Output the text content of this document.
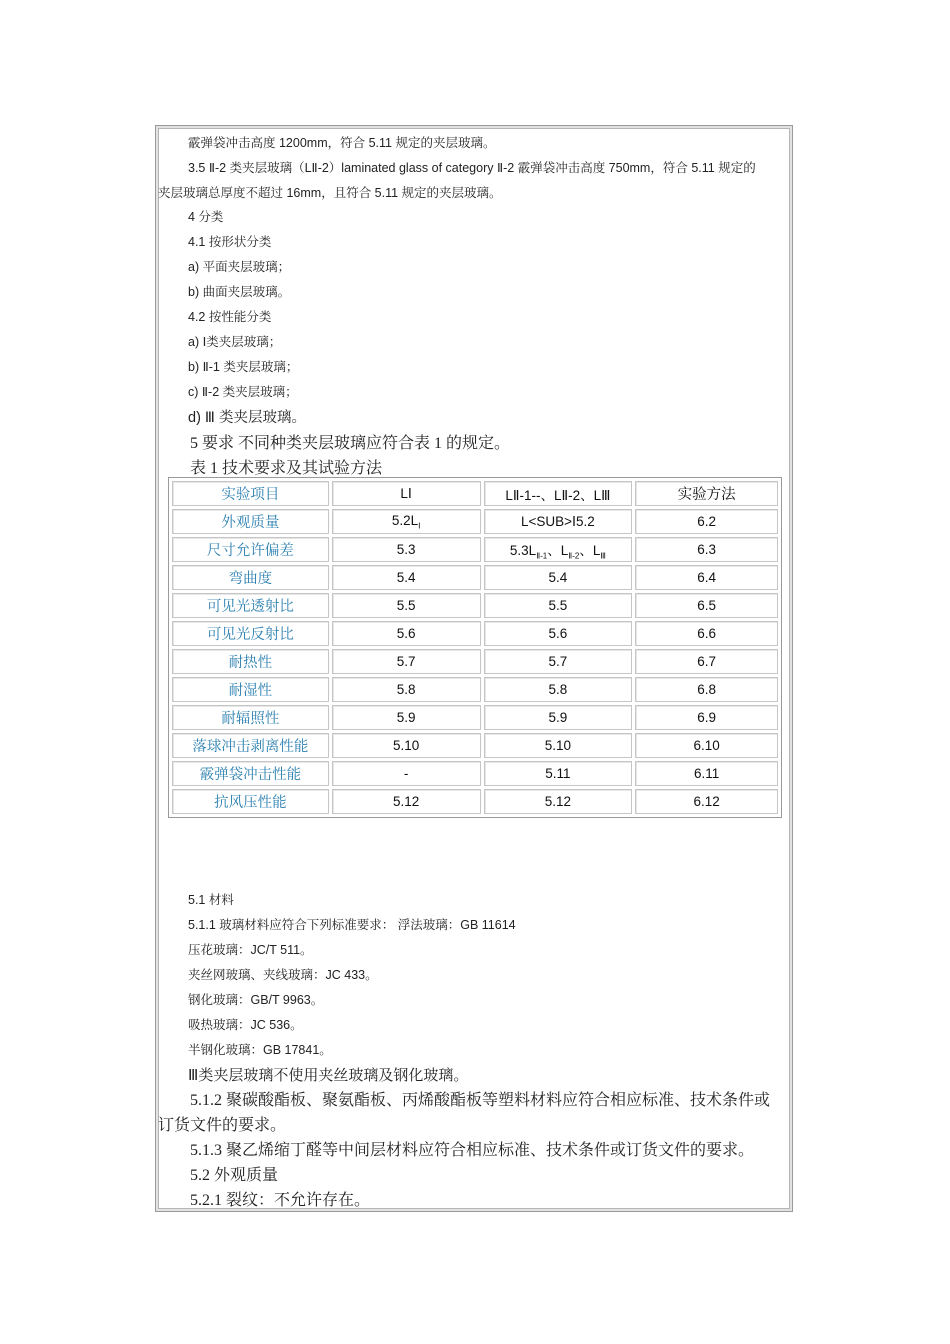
霰弹袋冲击高度 1200mm，符合 5.11 规定的夹层玻璃。
3.5 Ⅱ-2 类夹层玻璃（LⅡ-2）laminated glass of category Ⅱ-2 霰弹袋冲击高度 750mm，符合 5.11 规定的
夹层玻璃总厚度不超过 16mm，且符合 5.11 规定的夹层玻璃。
4 分类
4.1 按形状分类
a) 平面夹层玻璃；
b) 曲面夹层玻璃。
4.2 按性能分类
a) Ⅰ类夹层玻璃；
b) Ⅱ-1 类夹层玻璃；
c) Ⅱ-2 类夹层玻璃；
d) Ⅲ 类夹层玻璃。
5 要求 不同种类夹层玻璃应符合表 1 的规定。
表 1 技术要求及其试验方法
实验项目	LⅠ	LⅡ-1--、LⅡ-2、LⅢ	实验方法
外观质量	$5.2L_Ⅰ$	L<SUB>Ⅰ5.2	6.2
尺寸允许偏差	5.3	$5.3L_{Ⅱ-1}$、$L_{Ⅱ-2}$、$L_Ⅲ$	6.3
弯曲度	5.4	5.4	6.4
可见光透射比	5.5	5.5	6.5
可见光反射比	5.6	5.6	6.6
耐热性	5.7	5.7	6.7
耐湿性	5.8	5.8	6.8
耐辐照性	5.9	5.9	6.9
落球冲击剥离性能	5.10	5.10	6.10
霰弹袋冲击性能	-	5.11	6.11
抗风压性能	5.12	5.12	6.12
5.1 材料
5.1.1 玻璃材料应符合下列标准要求： 浮法玻璃：GB 11614
压花玻璃：JC/T 511。
夹丝网玻璃、夹线玻璃：JC 433。
钢化玻璃：GB/T 9963。
吸热玻璃：JC 536。
半钢化玻璃：GB 17841。
Ⅲ类夹层玻璃不使用夹丝玻璃及钢化玻璃。
5.1.2 聚碳酸酯板、聚氨酯板、丙烯酸酯板等塑料材料应符合相应标准、技术条件或
订货文件的要求。
5.1.3 聚乙烯缩丁醛等中间层材料应符合相应标准、技术条件或订货文件的要求。
5.2 外观质量
5.2.1 裂纹：不允许存在。
